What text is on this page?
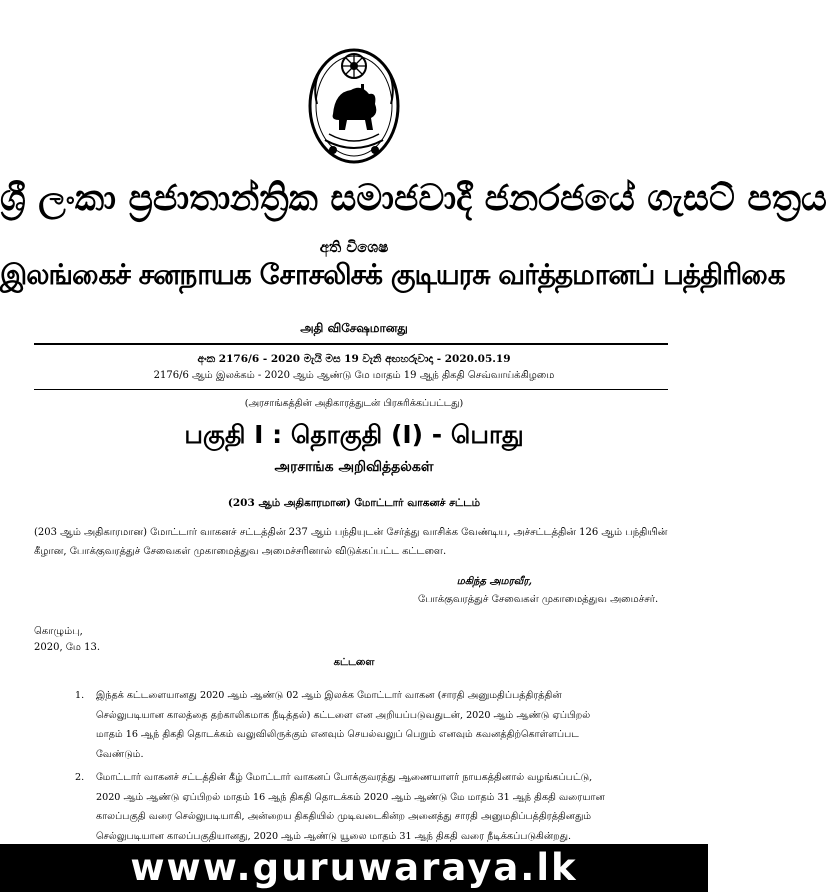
ශ්‍රී ලංකා ප්‍රජාතාන්ත්‍රික සමාජවාදී ජනරජයේ ගැසට් පත්‍රය
අති විශෙෂ
இலங்கைச் சனநாயக சோசலிசக் குடியரசு வர்த்தமானப் பத்திரிகை
அதி விசேஷமானது
අංක 2176/6 - 2020 මැයි මස 19 වැනි අඟහරුවාදා - 2020.05.19
2176/6 ஆம் இலக்கம் - 2020 ஆம் ஆண்டு மே மாதம் 19 ஆந் திகதி செவ்வாய்க்கிழமை
(அரசாங்கத்தின் அதிகாரத்துடன் பிரசுரிக்கப்பட்டது)
பகுதி I : தொகுதி (I) - பொது
அரசாங்க அறிவித்தல்கள்
(203 ஆம் அதிகாரமான) மோட்டார் வாகனச் சட்டம்
(203 ஆம் அதிகாரமான) மோட்டார் வாகனச் சட்டத்தின் 237 ஆம் பந்தியுடன் சேர்த்து வாசிக்க வேண்டிய, அச்சட்டத்தின் 126 ஆம் பந்தியின் கீழான, போக்குவரத்துச் சேவைகள் முகாமைத்துவ அமைச்சரினால் விடுக்கப்பட்ட கட்டளை.
மகிந்த அமரவீர,
போக்குவரத்துச் சேவைகள் முகாமைத்துவ அமைச்சர்.
கொழும்பு,
2020, மே 13.
கட்டளை
1. இந்தக் கட்டளையானது 2020 ஆம் ஆண்டு 02 ஆம் இலக்க மோட்டார் வாகன (சாரதி அனுமதிப்பத்திரத்தின்
செல்லுபடியான காலத்தை தற்காலிகமாக நீடித்தல்) கட்டளை என அறியப்படுவதுடன், 2020 ஆம் ஆண்டு ஏப்பிறல்
மாதம் 16 ஆந் திகதி தொடக்கம் வலுவிலிருக்கும் எனவும் செயல்வலுப் பெறும் எனவும் கவனத்திற்கொள்ளப்பட
வேண்டும்.
2. மோட்டார் வாகனச் சட்டத்தின் கீழ் மோட்டார் வாகனப் போக்குவரத்து ஆணையாளர் நாயகத்தினால் வழங்கப்பட்டு,
2020 ஆம் ஆண்டு ஏப்பிறல் மாதம் 16 ஆந் திகதி தொடக்கம் 2020 ஆம் ஆண்டு மே மாதம் 31 ஆந் திகதி வரையான
காலப்பகுதி வரை செல்லுபடியாகி, அன்றைய திகதியில் முடிவடைகின்ற அனைத்து சாரதி அனுமதிப்பத்திரத்தினதும்
செல்லுபடியான காலப்பகுதியானது, 2020 ஆம் ஆண்டு யூலை மாதம் 31 ஆந் திகதி வரை நீடிக்கப்படுகின்றது.
www.guruwaraya.lk
